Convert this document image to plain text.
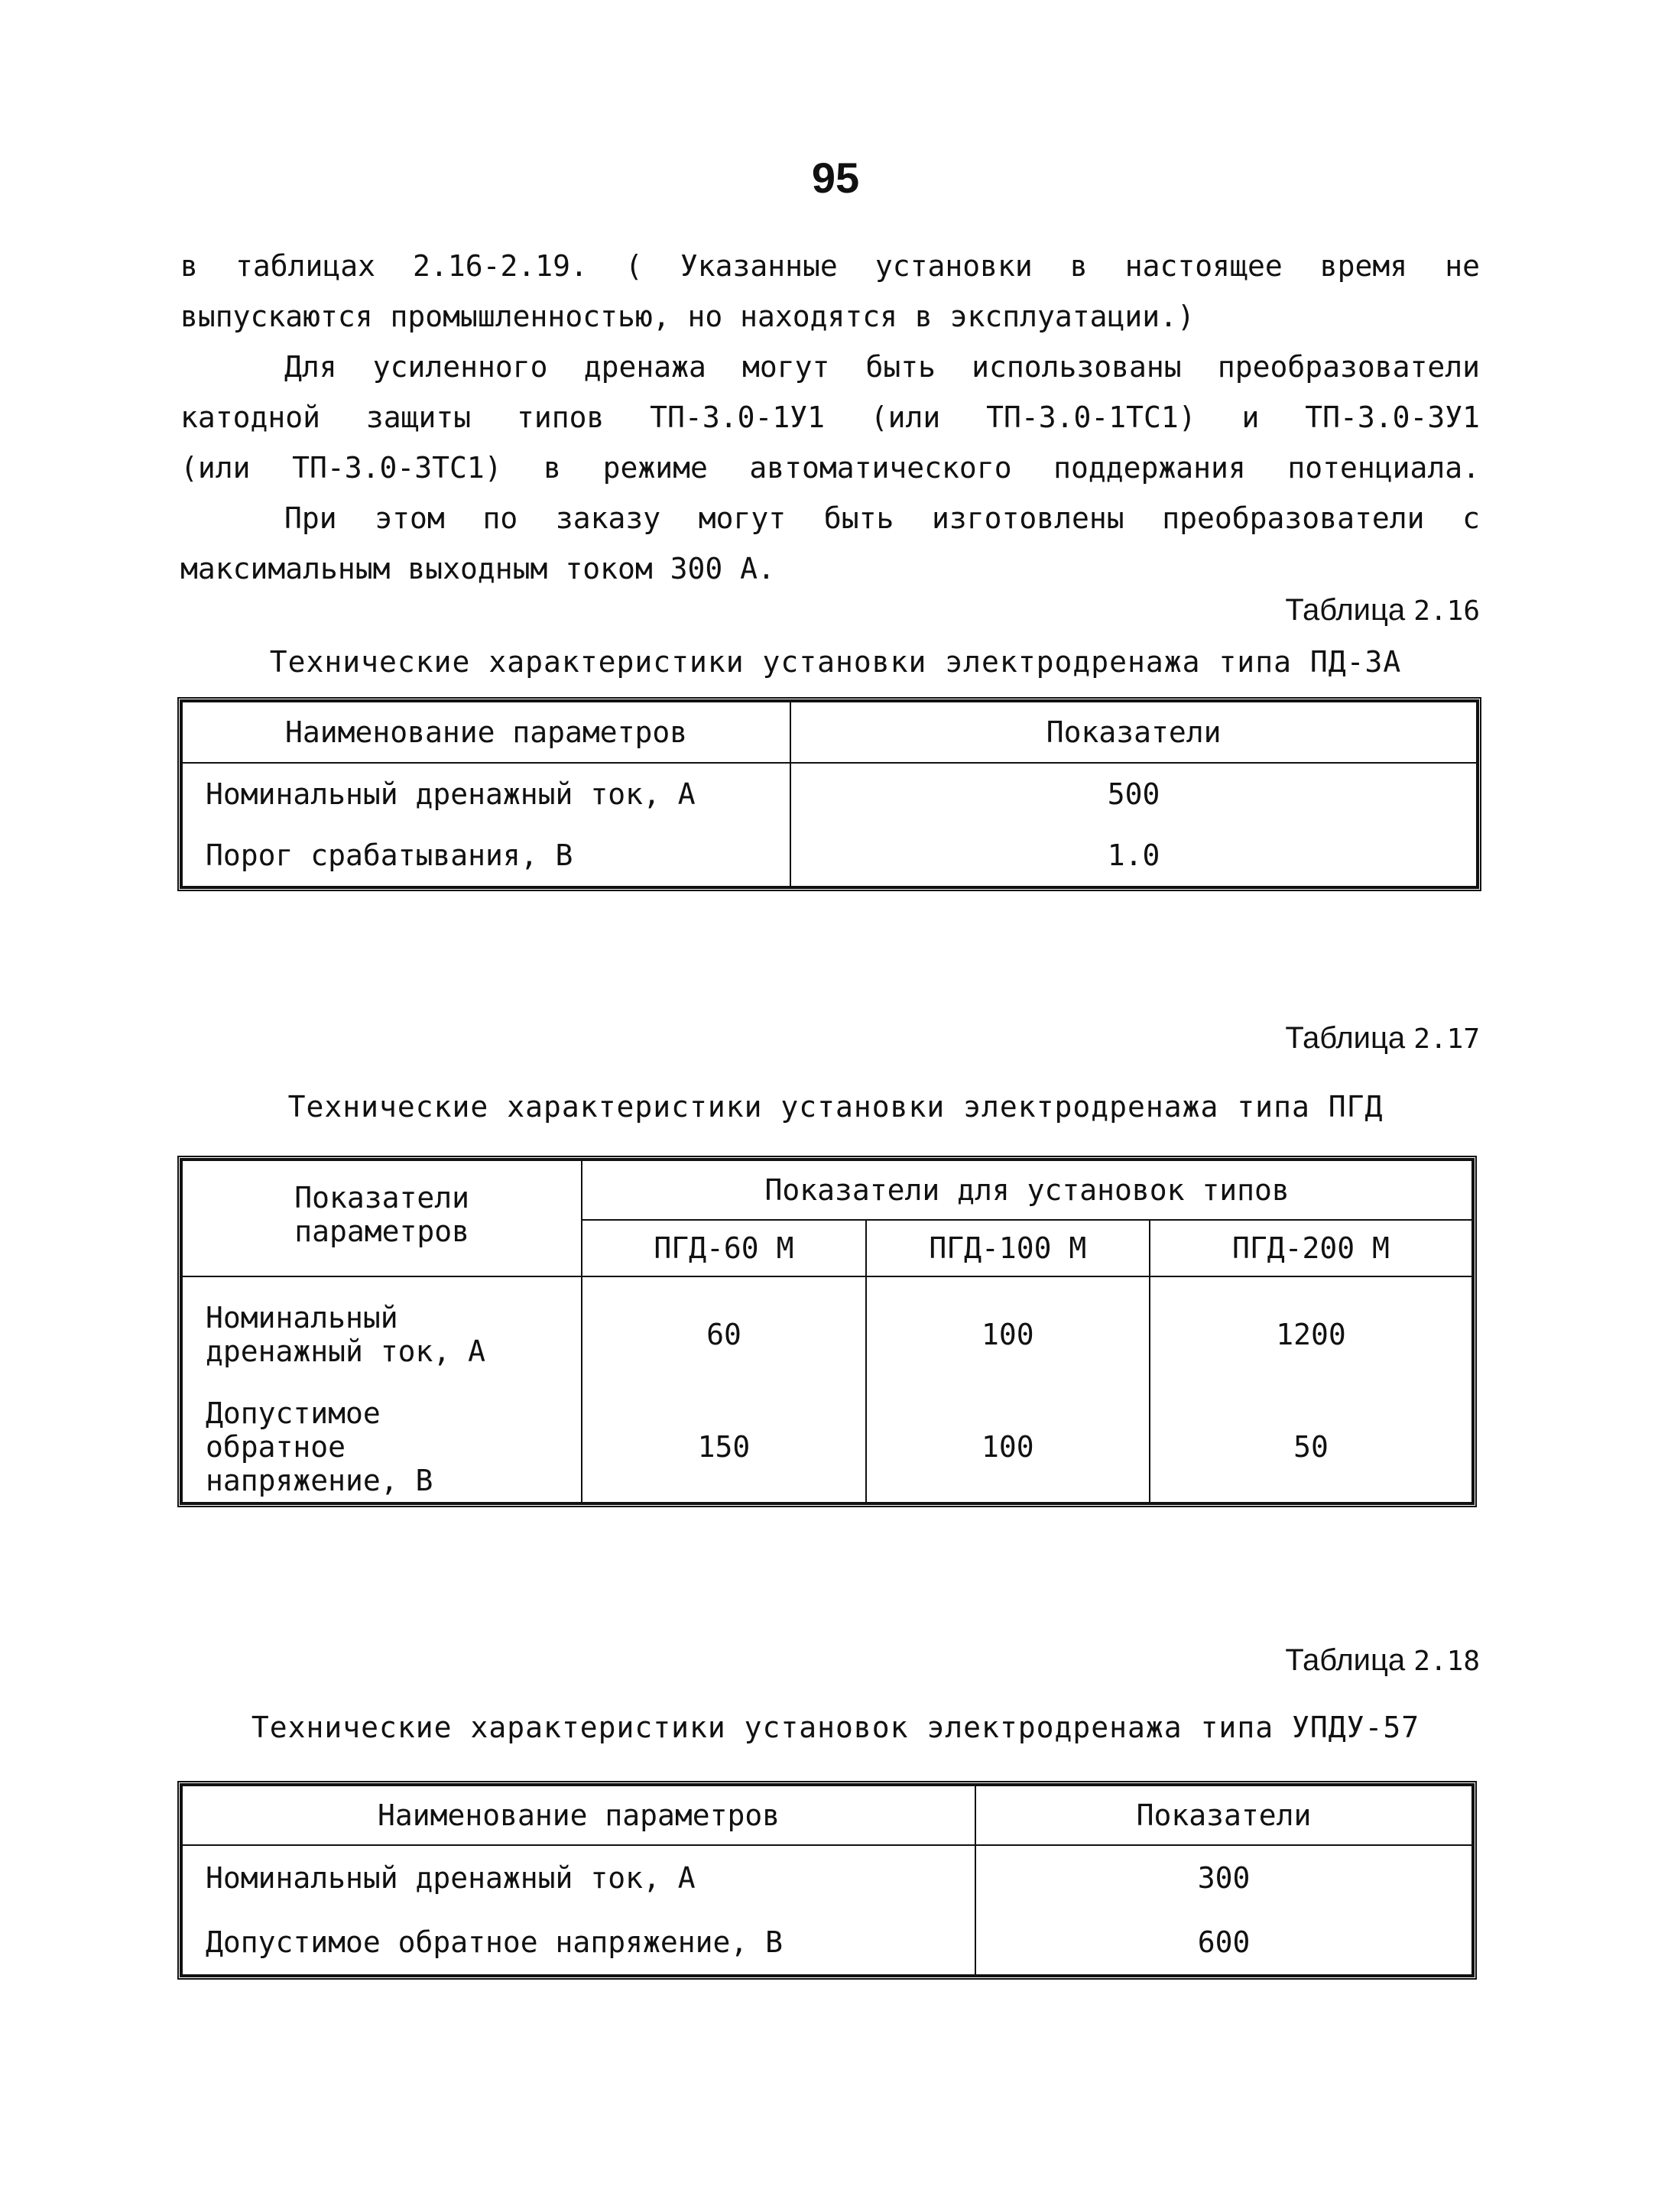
95
в таблицах 2.16-2.19. ( Указанные установки в настоящее время не
выпускаются промышленностью, но находятся в эксплуатации.)
Для усиленного дренажа могут быть использованы преобразователи
катодной защиты типов ТП-3.0-1У1 (или ТП-3.0-1ТС1) и ТП-3.0-3У1
(или ТП-3.0-3ТС1) в режиме автоматического поддержания потенциала.
При этом по заказу могут быть изготовлены преобразователи с
максимальным выходным током 300 А.
Таблица 2.16
Технические характеристики установки электродренажа типа ПД-3А
Наименование параметров	Показатели
Номинальный дренажный ток, А	500
Порог срабатывания, В	1.0
Таблица 2.17
Технические характеристики установки электродренажа типа ПГД
Показатели
параметров	Показатели для установок типов		
	ПГД-60 М	ПГД-100 М	ПГД-200 М

Номинальный
дренажный ток, А	60	100	1200

Допустимое
обратное
напряжение, В	150	100	50
Таблица 2.18
Технические характеристики установок электродренажа типа УПДУ-57
Наименование параметров	Показатели
Номинальный дренажный ток, А	300
Допустимое обратное напряжение, В	600
